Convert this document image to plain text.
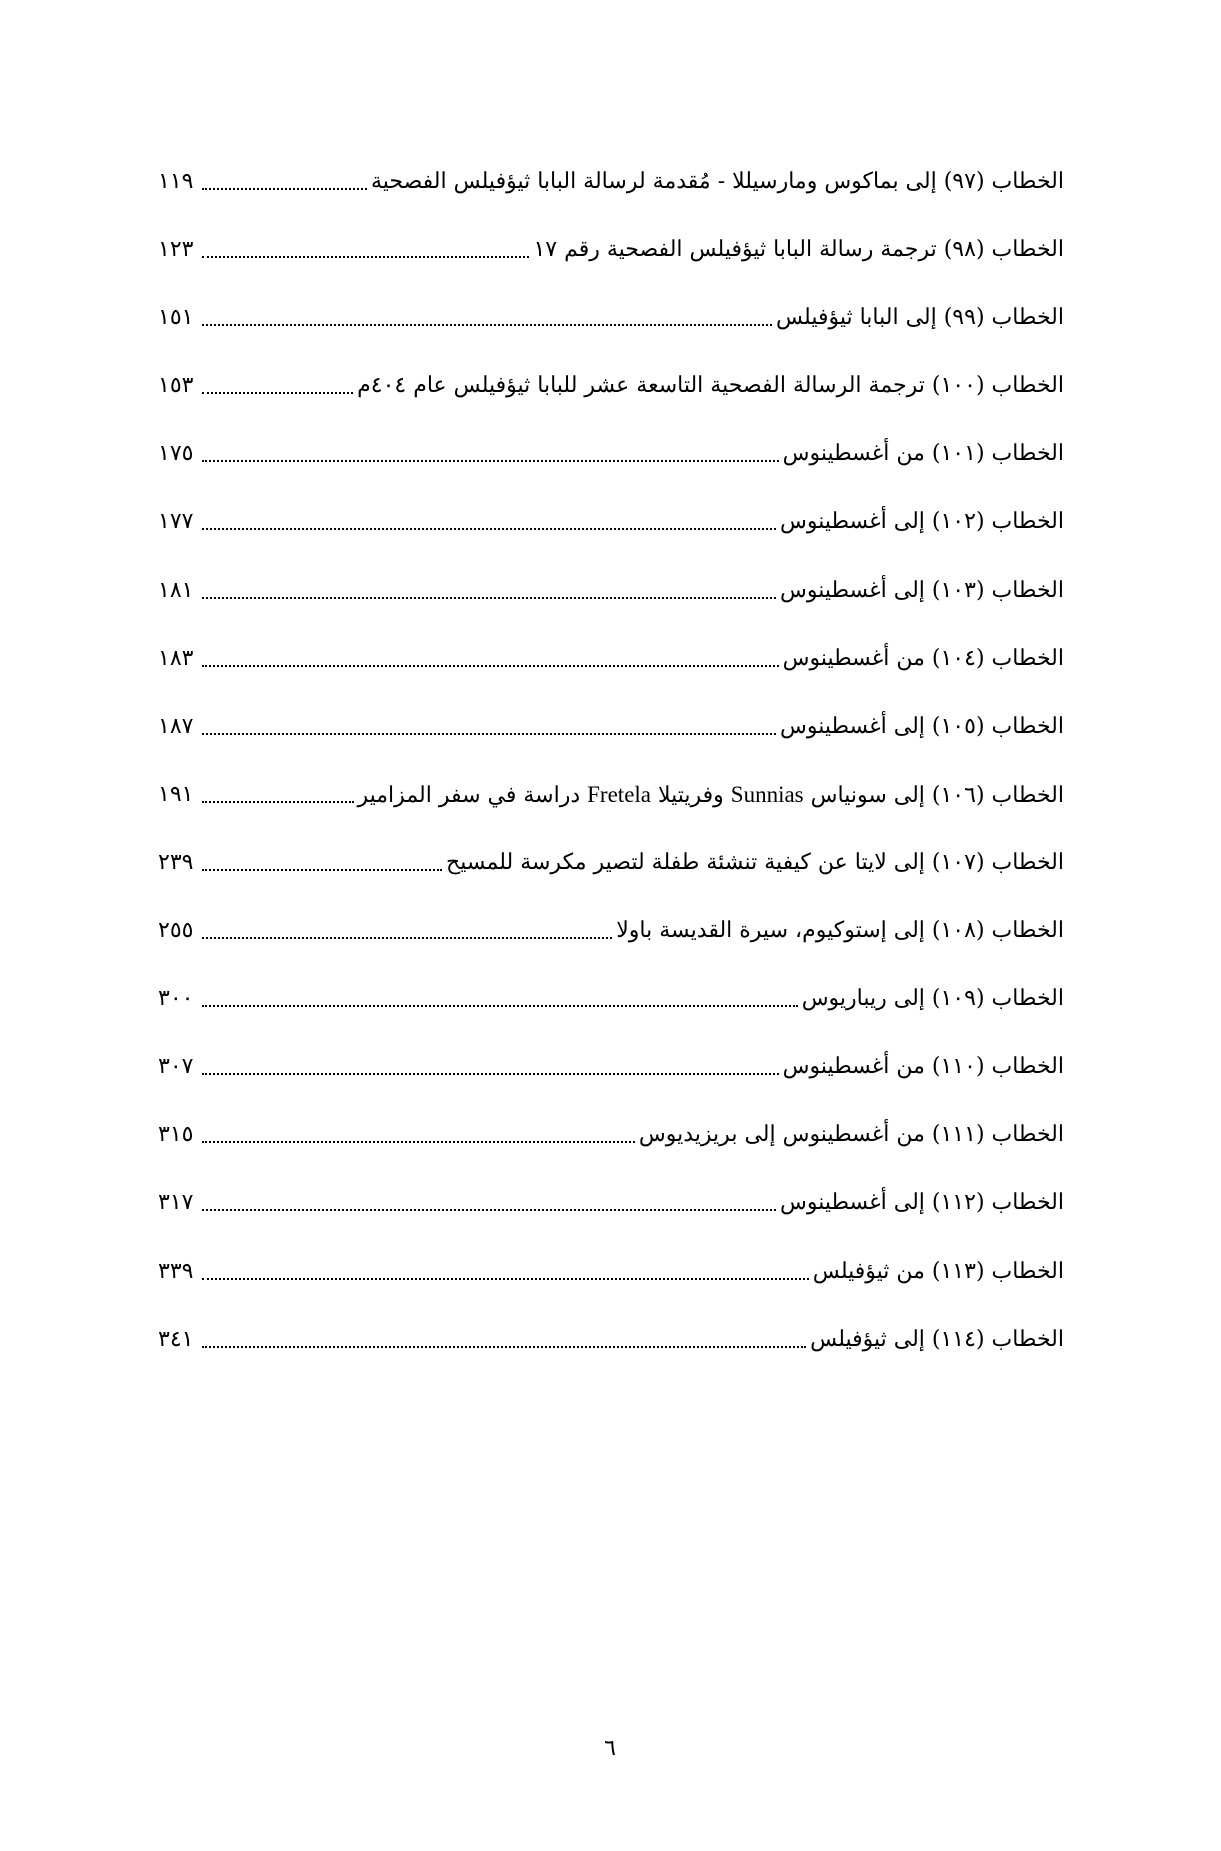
الخطاب (٩٧) إلى بماكوس ومارسيللا - مُقدمة لرسالة البابا ثيؤفيلس الفصحية
١١٩
الخطاب (٩٨) ترجمة رسالة البابا ثيؤفيلس الفصحية رقم ١٧
١٢٣
الخطاب (٩٩) إلى البابا ثيؤفيلس
١٥١
الخطاب (١٠٠) ترجمة الرسالة الفصحية التاسعة عشر للبابا ثيؤفيلس عام ٤٠٤م
١٥٣
الخطاب (١٠١) من أغسطينوس
١٧٥
الخطاب (١٠٢) إلى أغسطينوس
١٧٧
الخطاب (١٠٣) إلى أغسطينوس
١٨١
الخطاب (١٠٤) من أغسطينوس
١٨٣
الخطاب (١٠٥) إلى أغسطينوس
١٨٧
الخطاب (١٠٦) إلى سونياس Sunnias وفريتيلا Fretela دراسة في سفر المزامير
١٩١
الخطاب (١٠٧) إلى لايتا عن كيفية تنشئة طفلة لتصير مكرسة للمسيح
٢٣٩
الخطاب (١٠٨) إلى إستوكيوم، سيرة القديسة باولا
٢٥٥
الخطاب (١٠٩) إلى ريباريوس
٣٠٠
الخطاب (١١٠) من أغسطينوس
٣٠٧
الخطاب (١١١) من أغسطينوس إلى بريزيديوس
٣١٥
الخطاب (١١٢) إلى أغسطينوس
٣١٧
الخطاب (١١٣) من ثيؤفيلس
٣٣٩
الخطاب (١١٤) إلى ثيؤفيلس
٣٤١
٦
